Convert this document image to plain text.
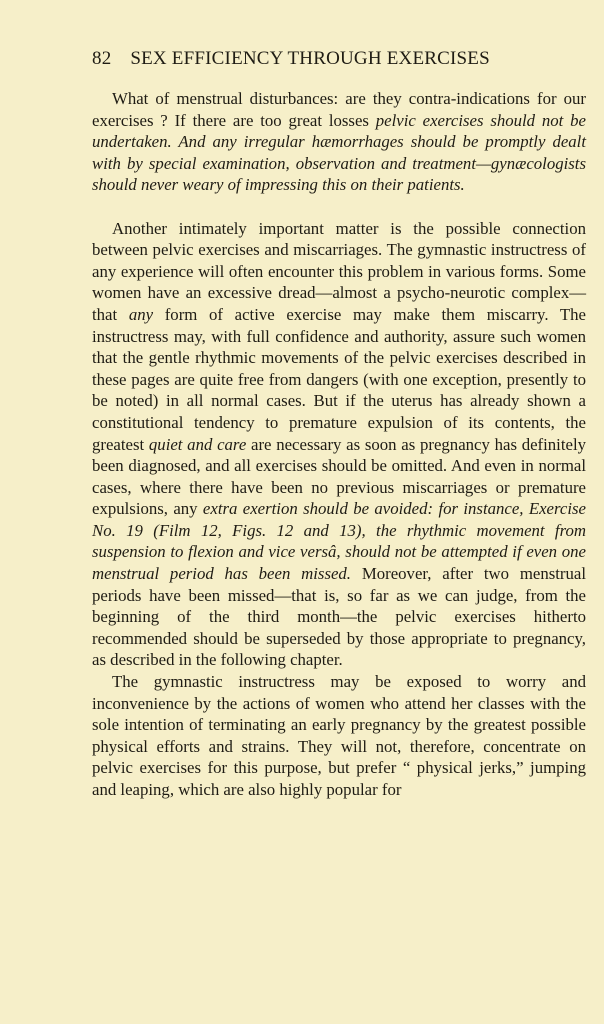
82 SEX EFFICIENCY THROUGH EXERCISES

What of menstrual disturbances: are they contra-indications for our exercises ? If there are too great losses pelvic exercises should not be undertaken. And any irregular hæmorrhages should be promptly dealt with by special examination, observation and treatment—gynæcologists should never weary of impressing this on their patients.

Another intimately important matter is the possible connection between pelvic exercises and miscarriages. The gymnastic instructress of any experience will often encounter this problem in various forms. Some women have an excessive dread—almost a psycho-neurotic complex—that any form of active exercise may make them miscarry. The instructress may, with full confidence and authority, assure such women that the gentle rhythmic movements of the pelvic exercises described in these pages are quite free from dangers (with one exception, presently to be noted) in all normal cases. But if the uterus has already shown a constitutional tendency to premature expulsion of its contents, the greatest quiet and care are necessary as soon as pregnancy has definitely been diagnosed, and all exercises should be omitted. And even in normal cases, where there have been no previous miscarriages or premature expulsions, any extra exertion should be avoided: for instance, Exercise No. 19 (Film 12, Figs. 12 and 13), the rhythmic movement from suspension to flexion and vice versâ, should not be attempted if even one menstrual period has been missed. Moreover, after two menstrual periods have been missed—that is, so far as we can judge, from the beginning of the third month—the pelvic exercises hitherto recommended should be superseded by those appropriate to pregnancy, as described in the following chapter.

The gymnastic instructress may be exposed to worry and inconvenience by the actions of women who attend her classes with the sole intention of terminating an early pregnancy by the greatest possible physical efforts and strains. They will not, therefore, concentrate on pelvic exercises for this purpose, but prefer “ physical jerks,” jumping and leaping, which are also highly popular for
